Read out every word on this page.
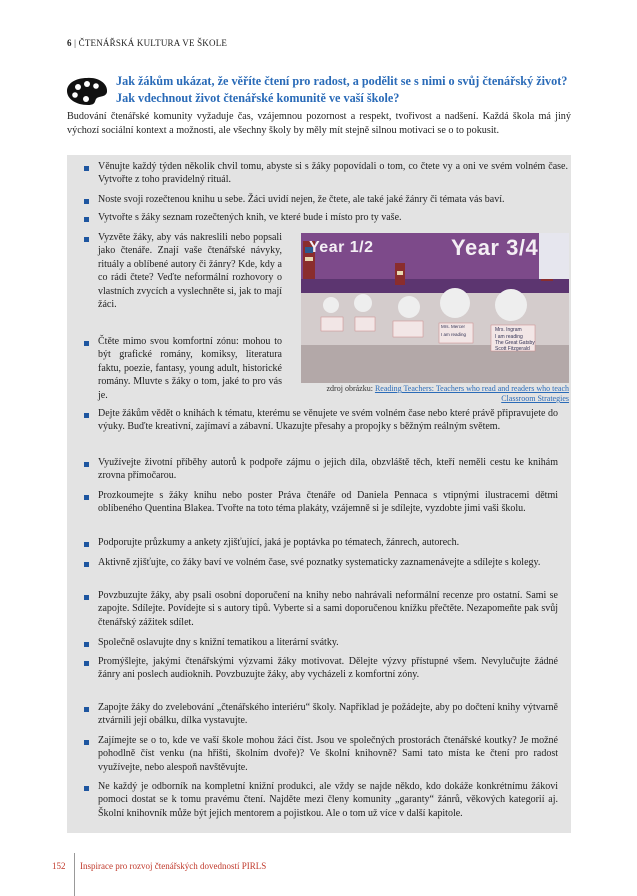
6 | ČTENÁŘSKÁ KULTURA VE ŠKOLE
Jak žákům ukázat, že věříte čtení pro radost, a podělit se s nimi o svůj čtenářský život? Jak vdechnout život čtenářské komunitě ve vaší škole?
Budování čtenářské komunity vyžaduje čas, vzájemnou pozornost a respekt, tvořivost a nadšení. Každá škola má jiný výchozí sociální kontext a možnosti, ale všechny školy by měly mít stejně silnou motivaci se o to pokusit.
Věnujte každý týden několik chvil tomu, abyste si s žáky popovídali o tom, co čtete vy a oni ve svém volném čase. Vytvořte z toho pravidelný rituál.
Noste svoji rozečtenou knihu u sebe. Žáci uvidí nejen, že čtete, ale také jaké žánry či témata vás baví.
Vytvořte s žáky seznam rozečtených knih, ve které bude i místo pro ty vaše.
Vyzvěte žáky, aby vás nakreslili nebo popsali jako čtenáře. Znají vaše čtenářské návyky, rituály a oblíbené autory či žánry? Kde, kdy a co rádi čtete? Veďte neformální rozhovory o vlastních zvycích a vyslechněte si, jak to mají žáci.
Čtěte mimo svou komfortní zónu: mohou to být grafické romány, komiksy, literatura faktu, poezie, fantasy, young adult, historické romány. Mluvte s žáky o tom, jaké to pro vás je.
Dejte žákům vědět o knihách k tématu, kterému se věnujete ve svém volném čase nebo které právě připravujete do výuky. Buďte kreativní, zajímaví a zábavní. Ukazujte přesahy a propojky s běžným reálným světem.
Využívejte životní příběhy autorů k podpoře zájmu o jejich díla, obzvláště těch, kteří neměli cestu ke knihám zrovna přímočarou.
Prozkoumejte s žáky knihu nebo poster Práva čtenáře od Daniela Pennaca s vtipnými ilustracemi dětmi oblíbeného Quentina Blakea. Tvořte na toto téma plakáty, vzájemně si je sdílejte, vyzdobte jimi vaši školu.
Podporujte průzkumy a ankety zjišťující, jaká je poptávka po tématech, žánrech, autorech.
Aktivně zjišťujte, co žáky baví ve volném čase, své poznatky systematicky zaznamenávejte a sdílejte s kolegy.
Povzbuzujte žáky, aby psali osobní doporučení na knihy nebo nahrávali neformální recenze pro ostatní. Sami se zapojte. Sdílejte. Povídejte si s autory tipů. Vyberte si a sami doporučenou knížku přečtěte. Nezapomeňte pak svůj čtenářský zážitek sdílet.
Společně oslavujte dny s knižní tematikou a literární svátky.
Promýšlejte, jakými čtenářskými výzvami žáky motivovat. Dělejte výzvy přístupné všem. Nevylučujte žádné žánry ani poslech audioknih. Povzbuzujte žáky, aby vycházeli z komfortní zóny.
Zapojte žáky do zvelebování „čtenářského interiéru“ školy. Například je požádejte, aby po dočtení knihy výtvarně ztvárnili její obálku, dílka vystavujte.
Zajímejte se o to, kde ve vaší škole mohou žáci číst. Jsou ve společných prostorách čtenářské koutky? Je možné pohodlně číst venku (na hřišti, školním dvoře)? Ve školní knihovně? Sami tato místa ke čtení pro radost využívejte, nebo alespoň navštěvujte.
Ne každý je odborník na kompletní knižní produkci, ale vždy se najde někdo, kdo dokáže konkrétnímu žákovi pomoci dostat se k tomu pravému čtení. Najděte mezi členy komunity „garanty“ žánrů, věkových kategorií aj. Školní knihovník může být jejich mentorem a pojistkou. Ale o tom už více v další kapitole.
Year 1/2	Year 3/4
Mrs. Mercer
I am reading
Mrs. Ingram
I am reading
The Great Gatsby
Scott Fitzgerald
zdroj obrázku: Reading Teachers: Teachers who read and readers who teach Classroom Strategies
152 Inspirace pro rozvoj čtenářských dovedností PIRLS
